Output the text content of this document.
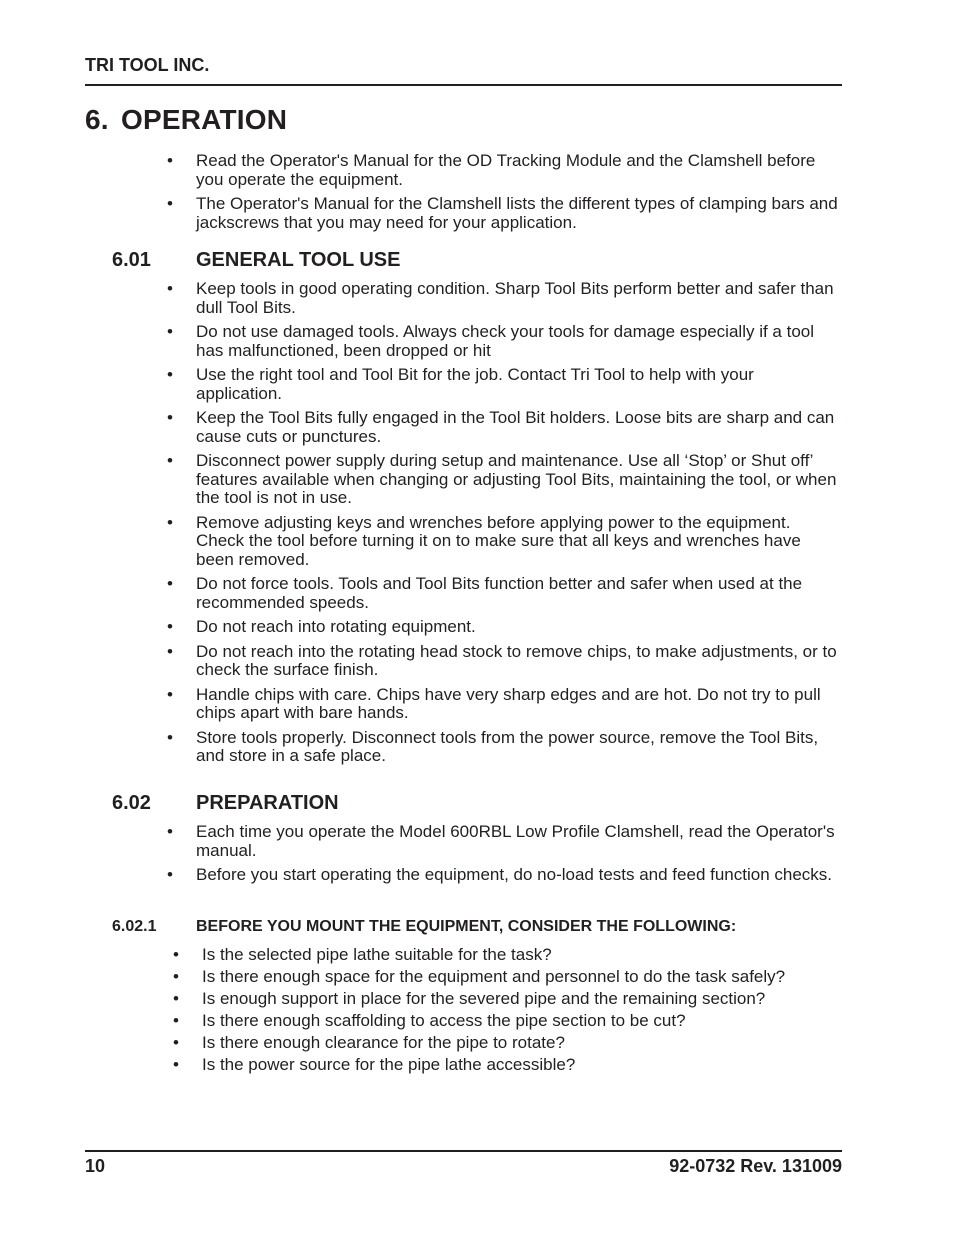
TRI TOOL INC.
6. OPERATION
• Read the Operator's Manual for the OD Tracking Module and the Clamshell before you operate the equipment.
• The Operator's Manual for the Clamshell lists the different types of clamping bars and jackscrews that you may need for your application.
6.01 GENERAL TOOL USE
• Keep tools in good operating condition. Sharp Tool Bits perform better and safer than dull Tool Bits.
• Do not use damaged tools. Always check your tools for damage especially if a tool has malfunctioned, been dropped or hit
• Use the right tool and Tool Bit for the job. Contact Tri Tool to help with your application.
• Keep the Tool Bits fully engaged in the Tool Bit holders. Loose bits are sharp and can cause cuts or punctures.
• Disconnect power supply during setup and maintenance. Use all ‘Stop’ or Shut off’ features available when changing or adjusting Tool Bits, maintaining the tool, or when the tool is not in use.
• Remove adjusting keys and wrenches before applying power to the equipment. Check the tool before turning it on to make sure that all keys and wrenches have been removed.
• Do not force tools. Tools and Tool Bits function better and safer when used at the recommended speeds.
• Do not reach into rotating equipment.
• Do not reach into the rotating head stock to remove chips, to make adjustments, or to check the surface finish.
• Handle chips with care. Chips have very sharp edges and are hot. Do not try to pull chips apart with bare hands.
• Store tools properly. Disconnect tools from the power source, remove the Tool Bits, and store in a safe place.
6.02 PREPARATION
• Each time you operate the Model 600RBL Low Profile Clamshell, read the Operator's manual.
• Before you start operating the equipment, do no-load tests and feed function checks.
6.02.1 BEFORE YOU MOUNT THE EQUIPMENT, CONSIDER THE FOLLOWING:
• Is the selected pipe lathe suitable for the task?
• Is there enough space for the equipment and personnel to do the task safely?
• Is enough support in place for the severed pipe and the remaining section?
• Is there enough scaffolding to access the pipe section to be cut?
• Is there enough clearance for the pipe to rotate?
• Is the power source for the pipe lathe accessible?
10	92-0732 Rev. 131009
